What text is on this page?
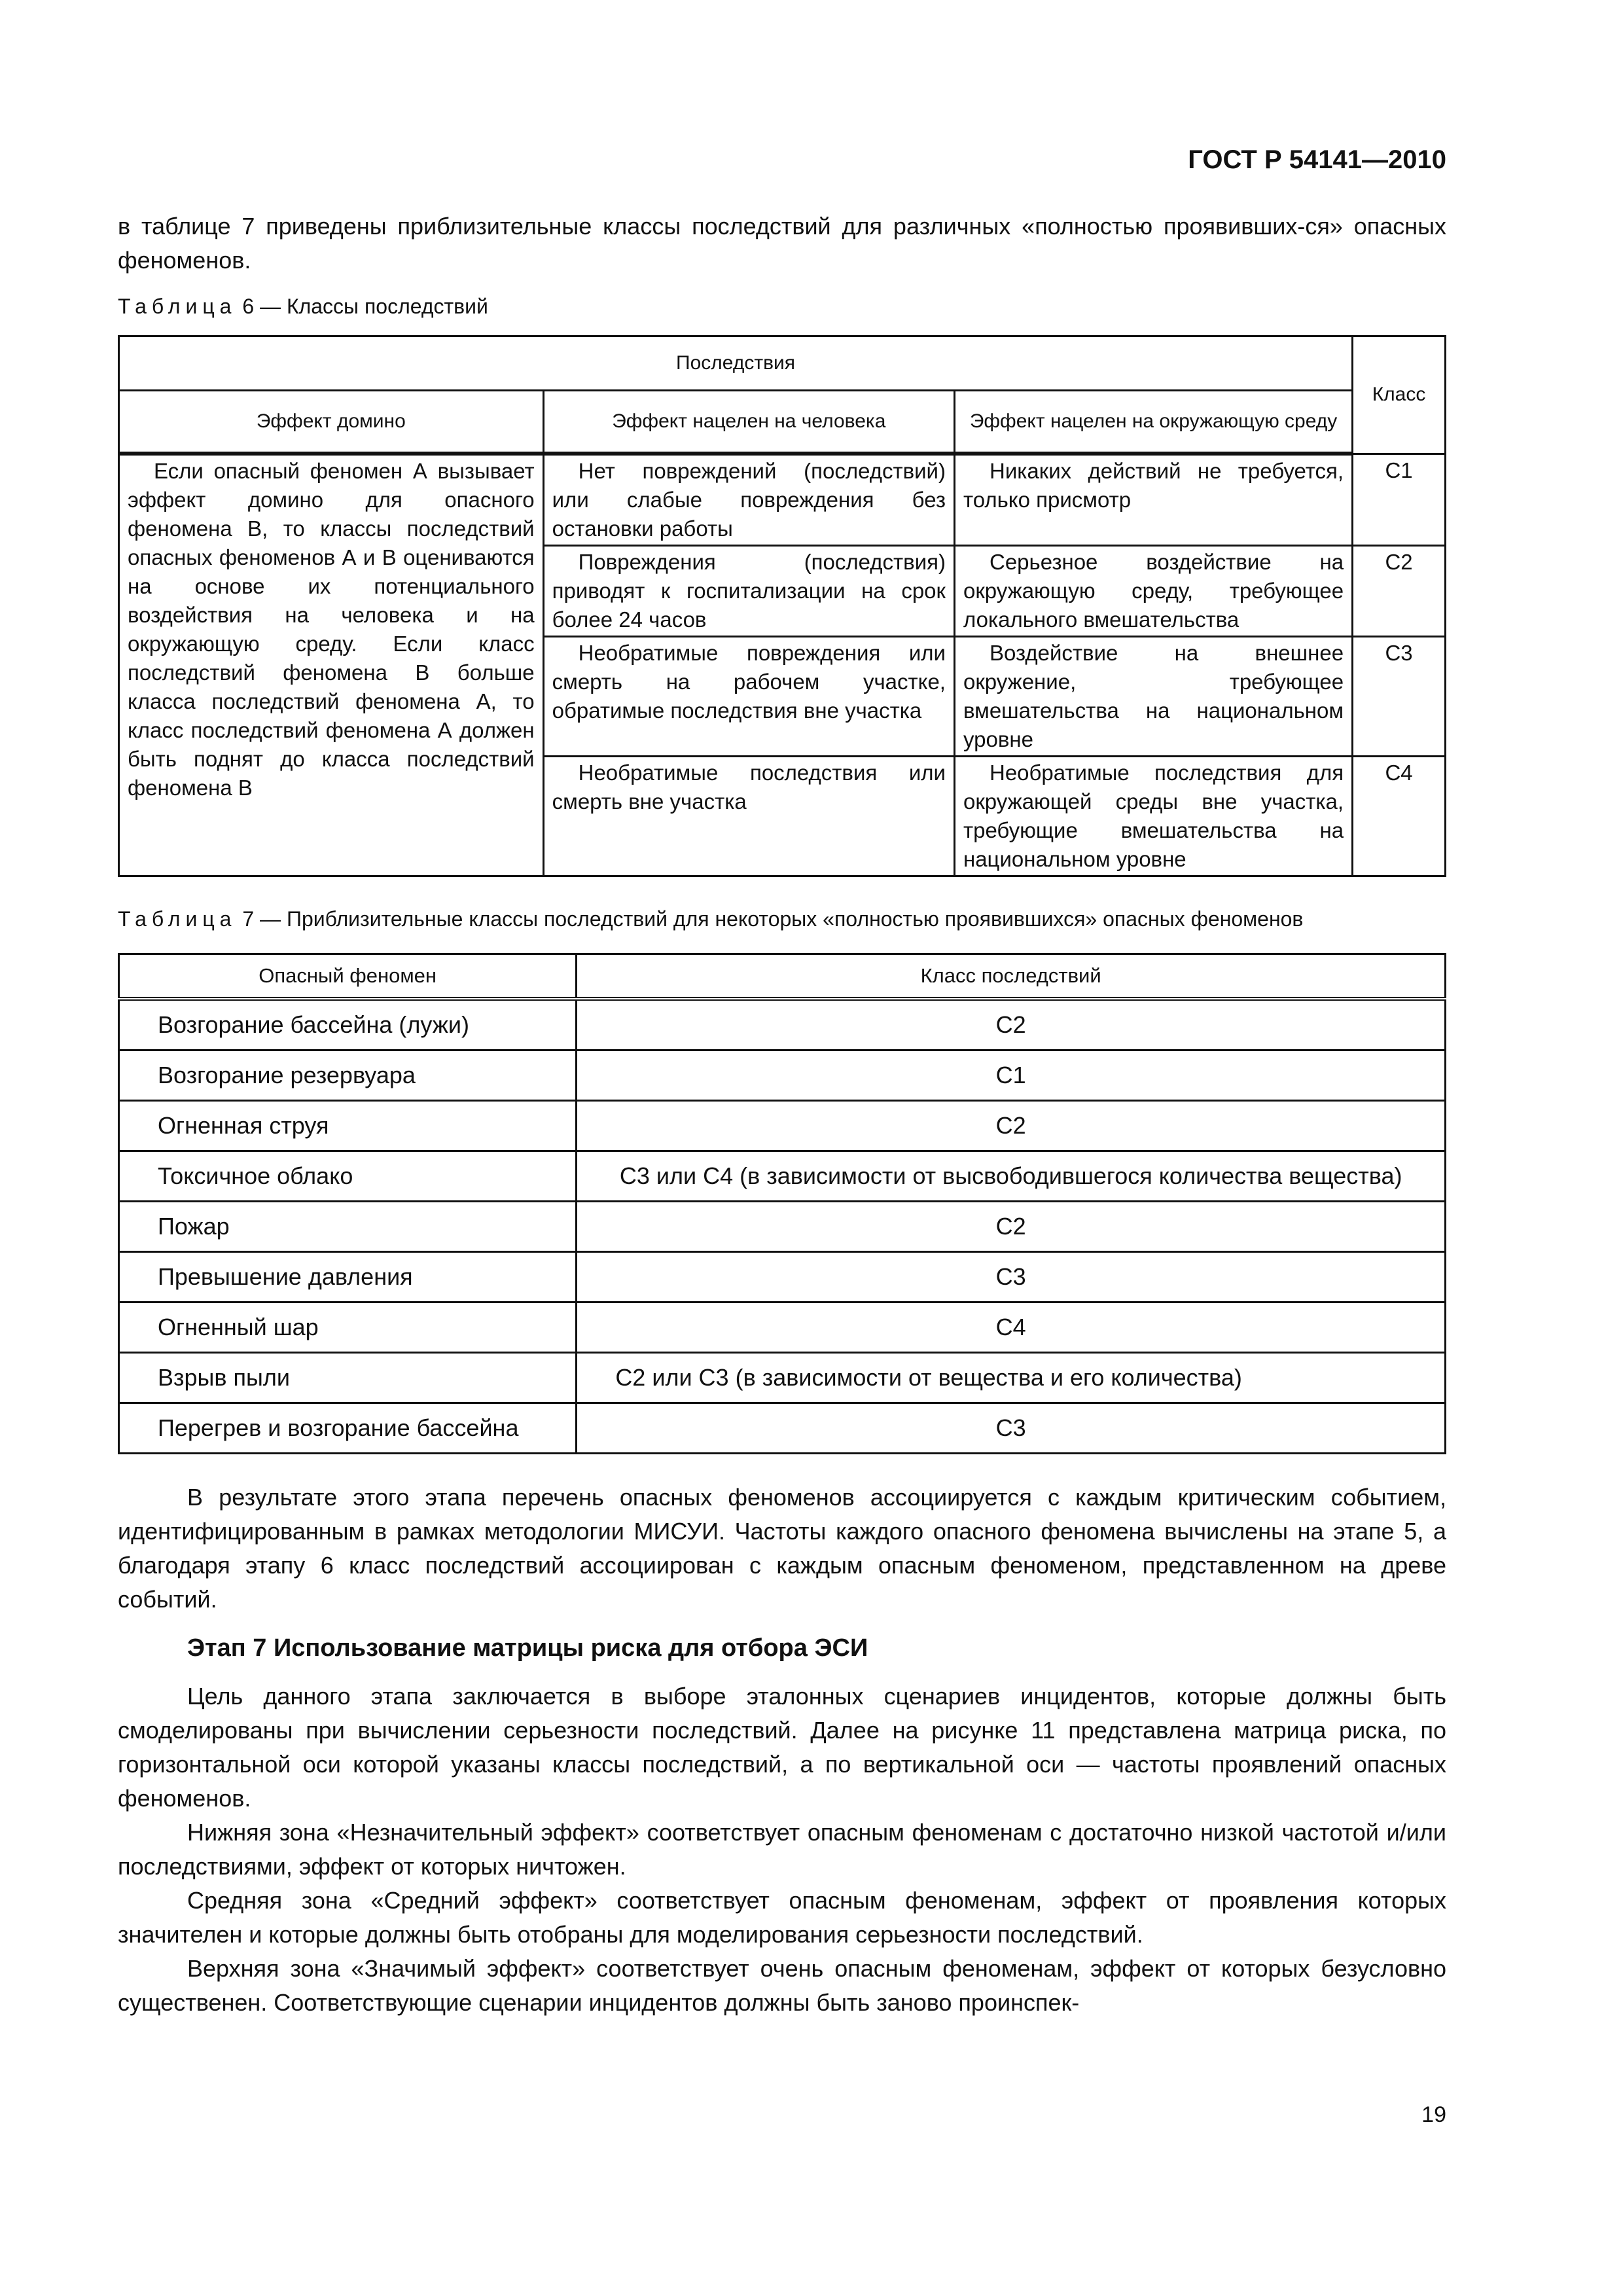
ГОСТ Р 54141—2010

в таблице 7 приведены приблизительные классы последствий для различных «полностью проявивших-ся» опасных феноменов.

Таблица 6 — Классы последствий
Последствия			Класс
Эффект домино	Эффект нацелен на человека	Эффект нацелен на окружающую среду	
Если опасный феномен А вызывает эффект домино для опасного феномена В, то классы последствий опасных феноменов А и В оцениваются на основе их потенциального воздействия на человека и на окружающую среду. Если класс последствий феномена В больше класса последствий феномена А, то класс последствий феномена А должен быть поднят до класса последствий феномена В	Нет повреждений (последствий) или слабые повреждения без остановки работы	Никаких действий не требуется, только присмотр	С1
	Повреждения (последствия) приводят к госпитализации на срок более 24 часов	Серьезное воздействие на окружающую среду, требующее локального вмешательства	С2
	Необратимые повреждения или смерть на рабочем участке, обратимые последствия вне участка	Воздействие на внешнее окружение, требующее вмешательства на национальном уровне	С3
	Необратимые последствия или смерть вне участка	Необратимые последствия для окружающей среды вне участка, требующие вмешательства на национальном уровне	С4
Таблица 7 — Приблизительные классы последствий для некоторых «полностью проявившихся» опасных феноменов
Опасный феномен	Класс последствий
Возгорание бассейна (лужи)	С2
Возгорание резервуара	С1
Огненная струя	С2
Токсичное облако	С3 или С4 (в зависимости от высвободившегося количества вещества)
Пожар	С2
Превышение давления	С3
Огненный шар	С4
Взрыв пыли	С2 или С3 (в зависимости от вещества и его количества)
Перегрев и возгорание бассейна	С3

В результате этого этапа перечень опасных феноменов ассоциируется с каждым критическим событием, идентифицированным в рамках методологии МИСУИ. Частоты каждого опасного феномена вычислены на этапе 5, а благодаря этапу 6 класс последствий ассоциирован с каждым опасным феноменом, представленном на древе событий.

Этап 7 Использование матрицы риска для отбора ЭСИ

Цель данного этапа заключается в выборе эталонных сценариев инцидентов, которые должны быть смоделированы при вычислении серьезности последствий. Далее на рисунке 11 представлена матрица риска, по горизонтальной оси которой указаны классы последствий, а по вертикальной оси — частоты проявлений опасных феноменов.

Нижняя зона «Незначительный эффект» соответствует опасным феноменам с достаточно низкой частотой и/или последствиями, эффект от которых ничтожен.

Средняя зона «Средний эффект» соответствует опасным феноменам, эффект от проявления которых значителен и которые должны быть отобраны для моделирования серьезности последствий.

Верхняя зона «Значимый эффект» соответствует очень опасным феноменам, эффект от которых безусловно существенен. Соответствующие сценарии инцидентов должны быть заново проинспек-

19
